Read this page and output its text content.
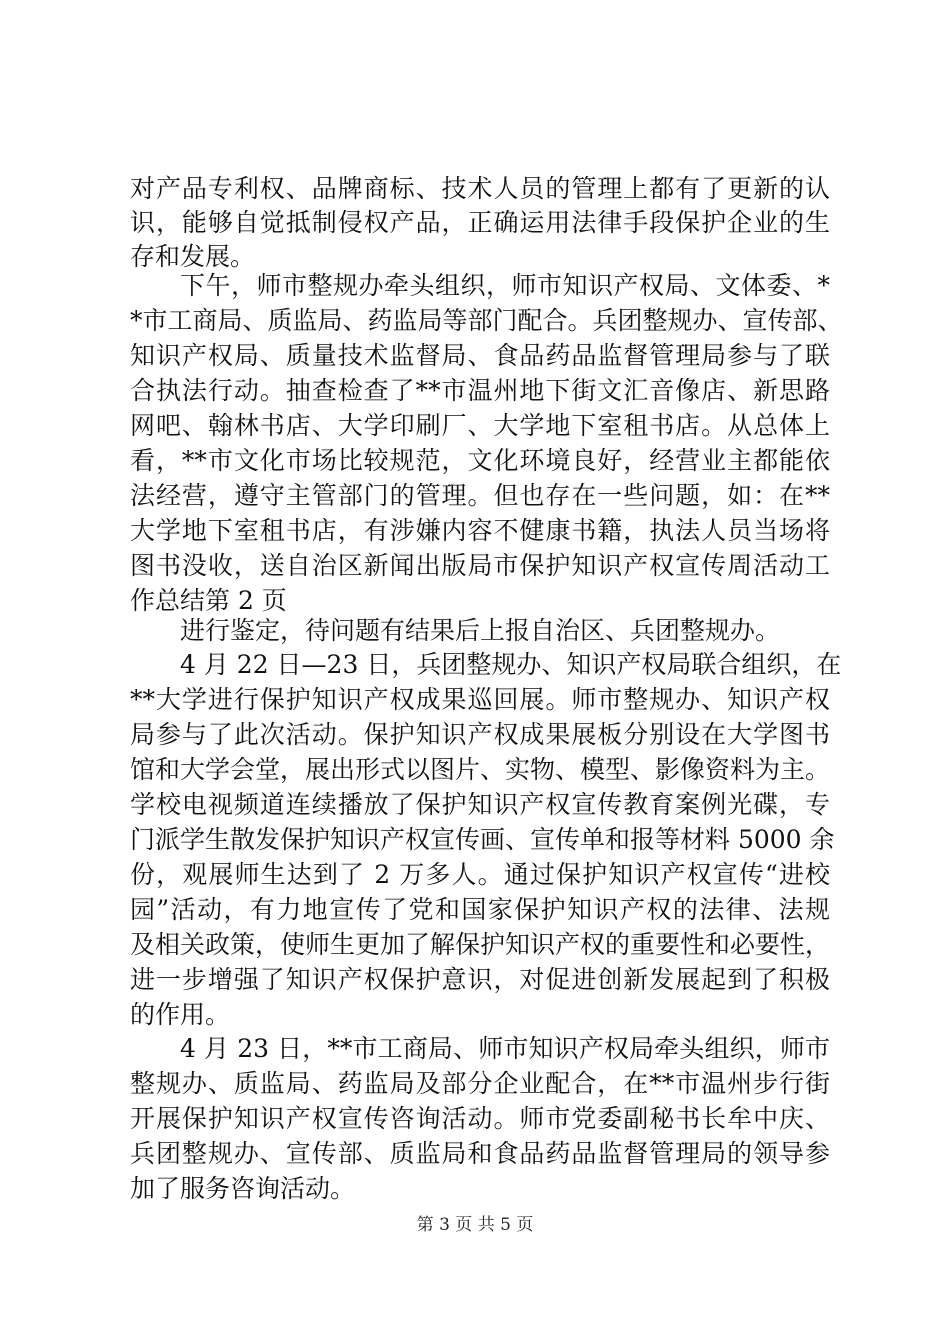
对产品专利权、品牌商标、技术人员的管理上都有了更新的认
识，能够自觉抵制侵权产品，正确运用法律手段保护企业的生
存和发展。
下午，师市整规办牵头组织，师市知识产权局、文体委、*
*市工商局、质监局、药监局等部门配合。兵团整规办、宣传部、
知识产权局、质量技术监督局、食品药品监督管理局参与了联
合执法行动。抽查检查了**市温州地下街文汇音像店、新思路
网吧、翰林书店、大学印刷厂、大学地下室租书店。从总体上
看，**市文化市场比较规范，文化环境良好，经营业主都能依
法经营，遵守主管部门的管理。但也存在一些问题，如：在**
大学地下室租书店，有涉嫌内容不健康书籍，执法人员当场将
图书没收，送自治区新闻出版局市保护知识产权宣传周活动工
作总结第 2 页
进行鉴定，待问题有结果后上报自治区、兵团整规办。
4 月 22 日—23 日，兵团整规办、知识产权局联合组织，在
**大学进行保护知识产权成果巡回展。师市整规办、知识产权
局参与了此次活动。保护知识产权成果展板分别设在大学图书
馆和大学会堂，展出形式以图片、实物、模型、影像资料为主。
学校电视频道连续播放了保护知识产权宣传教育案例光碟，专
门派学生散发保护知识产权宣传画、宣传单和报等材料 5000 余
份，观展师生达到了 2 万多人。通过保护知识产权宣传“进校
园”活动，有力地宣传了党和国家保护知识产权的法律、法规
及相关政策，使师生更加了解保护知识产权的重要性和必要性，
进一步增强了知识产权保护意识，对促进创新发展起到了积极
的作用。
4 月 23 日，**市工商局、师市知识产权局牵头组织，师市
整规办、质监局、药监局及部分企业配合，在**市温州步行街
开展保护知识产权宣传咨询活动。师市党委副秘书长牟中庆、
兵团整规办、宣传部、质监局和食品药品监督管理局的领导参
加了服务咨询活动。
第 3 页 共 5 页
